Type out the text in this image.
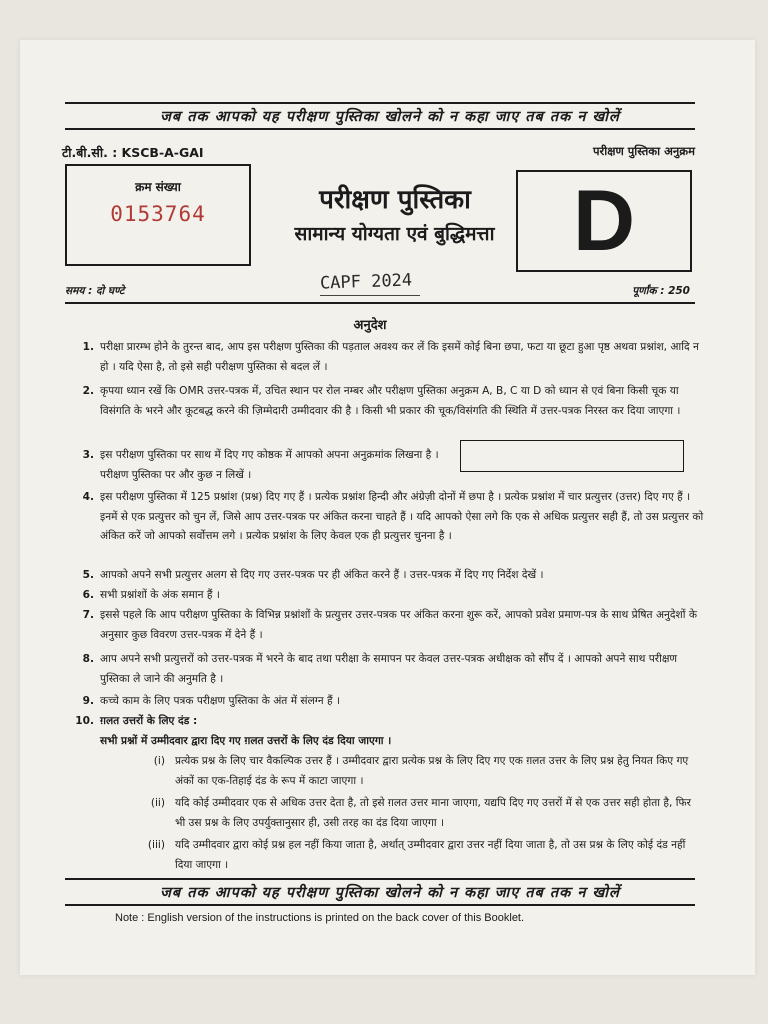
जब तक आपको यह परीक्षण पुस्तिका खोलने को न कहा जाए तब तक न खोलें
टी.बी.सी. : KSCB-A-GAI	परीक्षण पुस्तिका अनुक्रम
क्रम संख्या
0153764	परीक्षण पुस्तिका
सामान्य योग्यता एवं बुद्धिमत्ता D
समय : दो घण्टे	CAPF 2024	पूर्णांक : 250
अनुदेश
1. परीक्षा प्रारम्भ होने के तुरन्त बाद, आप इस परीक्षण पुस्तिका की पड़ताल अवश्य कर लें कि इसमें कोई बिना छपा, फटा या छूटा हुआ पृष्ठ अथवा प्रश्नांश, आदि न हो । यदि ऐसा है, तो इसे सही परीक्षण पुस्तिका से बदल लें ।

2. कृपया ध्यान रखें कि OMR उत्तर-पत्रक में, उचित स्थान पर रोल नम्बर और परीक्षण पुस्तिका अनुक्रम A, B, C या D को ध्यान से एवं बिना किसी चूक या विसंगति के भरने और कूटबद्ध करने की ज़िम्मेदारी उम्मीदवार की है । किसी भी प्रकार की चूक/विसंगति की स्थिति में उत्तर-पत्रक निरस्त कर दिया जाएगा ।

3. इस परीक्षण पुस्तिका पर साथ में दिए गए कोष्ठक में आपको अपना अनुक्रमांक लिखना है । परीक्षण पुस्तिका पर और कुछ न लिखें ।

4. इस परीक्षण पुस्तिका में 125 प्रश्नांश (प्रश्न) दिए गए हैं । प्रत्येक प्रश्नांश हिन्दी और अंग्रेज़ी दोनों में छपा है । प्रत्येक प्रश्नांश में चार प्रत्युत्तर (उत्तर) दिए गए हैं । इनमें से एक प्रत्युत्तर को चुन लें, जिसे आप उत्तर-पत्रक पर अंकित करना चाहते हैं । यदि आपको ऐसा लगे कि एक से अधिक प्रत्युत्तर सही हैं, तो उस प्रत्युत्तर को अंकित करें जो आपको सर्वोत्तम लगे । प्रत्येक प्रश्नांश के लिए केवल एक ही प्रत्युत्तर चुनना है ।

5. आपको अपने सभी प्रत्युत्तर अलग से दिए गए उत्तर-पत्रक पर ही अंकित करने हैं । उत्तर-पत्रक में दिए गए निर्देश देखें ।

6. सभी प्रश्नांशों के अंक समान हैं ।

7. इससे पहले कि आप परीक्षण पुस्तिका के विभिन्न प्रश्नांशों के प्रत्युत्तर उत्तर-पत्रक पर अंकित करना शुरू करें, आपको प्रवेश प्रमाण-पत्र के साथ प्रेषित अनुदेशों के अनुसार कुछ विवरण उत्तर-पत्रक में देने हैं ।

8. आप अपने सभी प्रत्युत्तरों को उत्तर-पत्रक में भरने के बाद तथा परीक्षा के समापन पर केवल उत्तर-पत्रक अधीक्षक को सौंप दें । आपको अपने साथ परीक्षण पुस्तिका ले जाने की अनुमति है ।

9. कच्चे काम के लिए पत्रक परीक्षण पुस्तिका के अंत में संलग्न हैं ।

10. ग़लत उत्तरों के लिए दंड :

सभी प्रश्नों में उम्मीदवार द्वारा दिए गए ग़लत उत्तरों के लिए दंड दिया जाएगा ।
(i) प्रत्येक प्रश्न के लिए चार वैकल्पिक उत्तर हैं । उम्मीदवार द्वारा प्रत्येक प्रश्न के लिए दिए गए एक ग़लत उत्तर के लिए प्रश्न हेतु नियत किए गए अंकों का एक-तिहाई दंड के रूप में काटा जाएगा ।

(ii) यदि कोई उम्मीदवार एक से अधिक उत्तर देता है, तो इसे ग़लत उत्तर माना जाएगा, यद्यपि दिए गए उत्तरों में से एक उत्तर सही होता है, फिर भी उस प्रश्न के लिए उपर्युक्तानुसार ही, उसी तरह का दंड दिया जाएगा ।

(iii) यदि उम्मीदवार द्वारा कोई प्रश्न हल नहीं किया जाता है, अर्थात् उम्मीदवार द्वारा उत्तर नहीं दिया जाता है, तो उस प्रश्न के लिए कोई दंड नहीं दिया जाएगा ।

जब तक आपको यह परीक्षण पुस्तिका खोलने को न कहा जाए तब तक न खोलें
Note : English version of the instructions is printed on the back cover of this Booklet.
